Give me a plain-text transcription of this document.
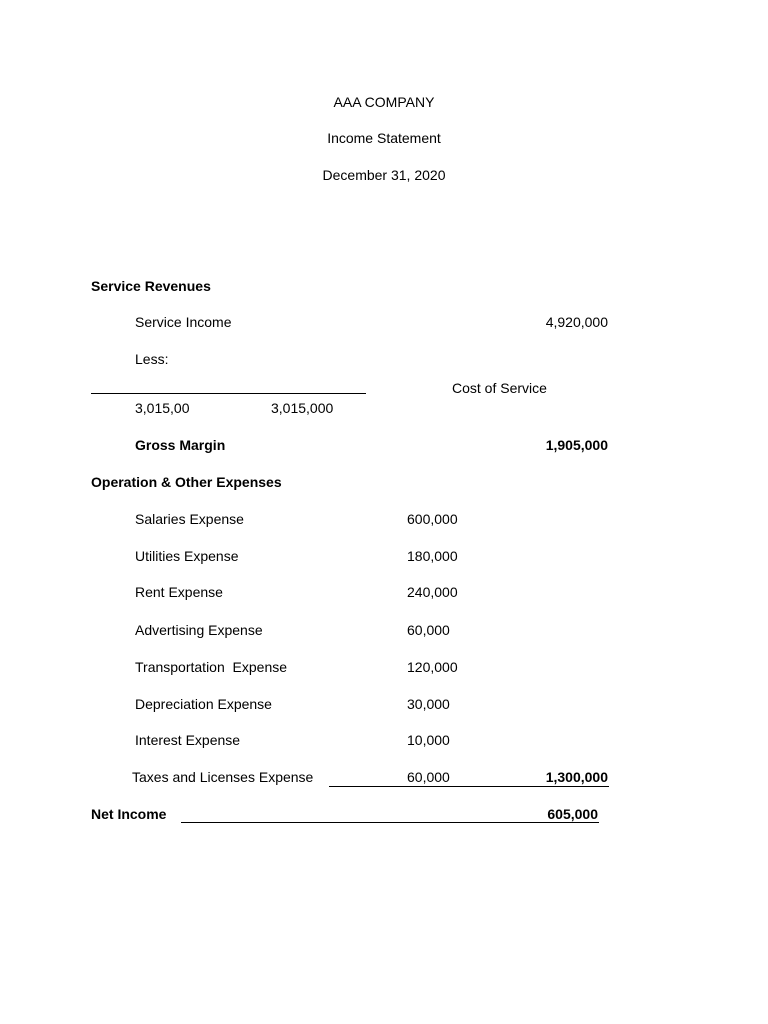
AAA COMPANY
Income Statement
December 31, 2020
Service Revenues
Service Income	4,920,000
Less:
Cost of Service
3,015,00	3,015,000
Gross Margin	1,905,000
Operation & Other Expenses
Salaries Expense	600,000
Utilities Expense	180,000
Rent Expense	240,000
Advertising Expense	60,000
Transportation  Expense	120,000
Depreciation Expense	30,000
Interest Expense	10,000
Taxes and Licenses Expense	60,000	1,300,000
Net Income	605,000
